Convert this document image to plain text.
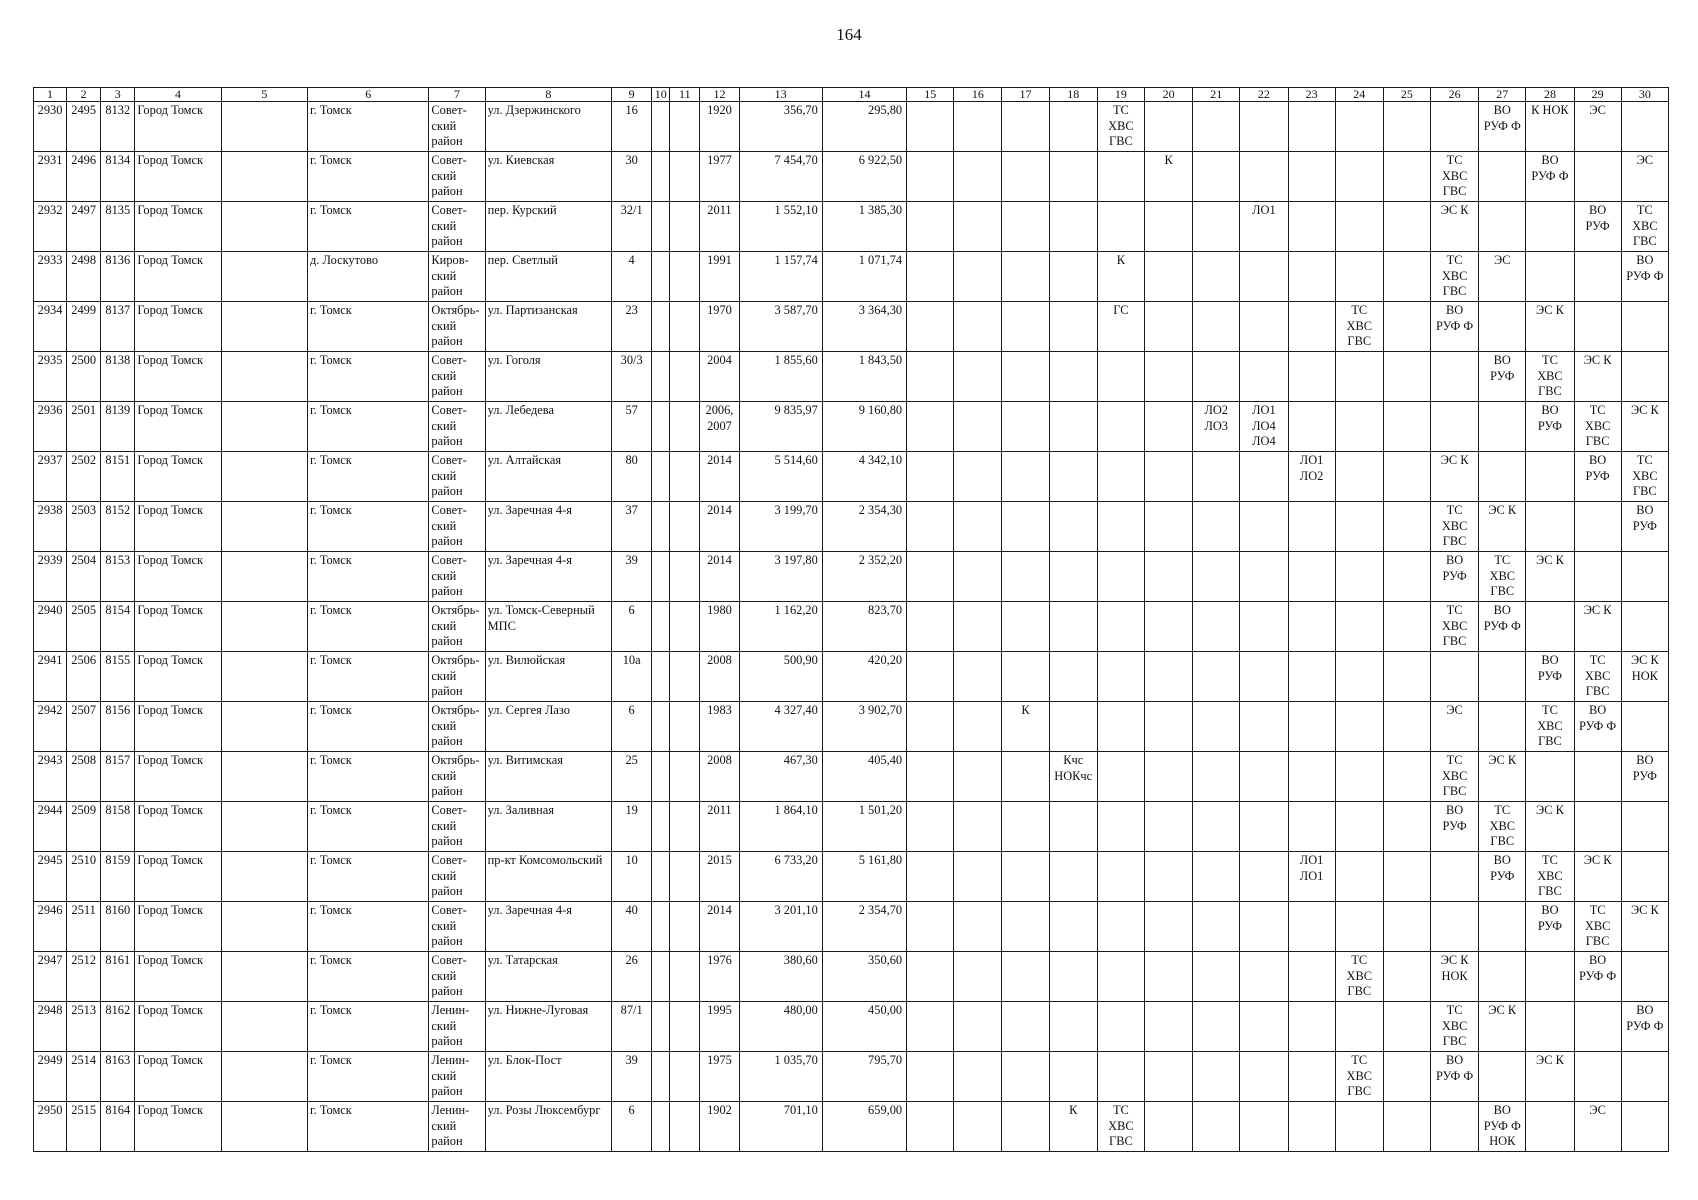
164
1	2	3	4	5	6	7	8	9	10	11	12	13	14	15	16	17	18	19	20	21	22	23	24	25	26	27	28	29	30
2930	2495	8132	Город Томск		г. Томск	Совет-
ский
район	ул. Дзержинского	16			1920	356,70	295,80					ТС
ХВС
ГВС								ВО
РУФ Ф	К НОК	ЭС	
2931	2496	8134	Город Томск		г. Томск	Совет-
ский
район	ул. Киевская	30			1977	7 454,70	6 922,50						К						ТС
ХВС
ГВС		ВО
РУФ Ф		ЭС
2932	2497	8135	Город Томск		г. Томск	Совет-
ский
район	пер. Курский	32/1			2011	1 552,10	1 385,30								ЛО1				ЭС К			ВО
РУФ	ТС
ХВС
ГВС
2933	2498	8136	Город Томск		д. Лоскутово	Киров-
ский
район	пер. Светлый	4			1991	1 157,74	1 071,74					К							ТС
ХВС
ГВС	ЭС			ВО
РУФ Ф
2934	2499	8137	Город Томск		г. Томск	Октябрь-
ский
район	ул. Партизанская	23			1970	3 587,70	3 364,30					ГС					ТС
ХВС
ГВС		ВО
РУФ Ф		ЭС К		
2935	2500	8138	Город Томск		г. Томск	Совет-
ский
район	ул. Гоголя	30/3			2004	1 855,60	1 843,50													ВО
РУФ	ТС
ХВС
ГВС	ЭС К	
2936	2501	8139	Город Томск		г. Томск	Совет-
ский
район	ул. Лебедева	57			2006,
2007	9 835,97	9 160,80							ЛО2
ЛО3	ЛО1
ЛО4
ЛО4						ВО
РУФ	ТС
ХВС
ГВС	ЭС К
2937	2502	8151	Город Томск		г. Томск	Совет-
ский
район	ул. Алтайская	80			2014	5 514,60	4 342,10									ЛО1
ЛО2			ЭС К			ВО
РУФ	ТС
ХВС
ГВС
2938	2503	8152	Город Томск		г. Томск	Совет-
ский
район	ул. Заречная 4-я	37			2014	3 199,70	2 354,30												ТС
ХВС
ГВС	ЭС К			ВО
РУФ
2939	2504	8153	Город Томск		г. Томск	Совет-
ский
район	ул. Заречная 4-я	39			2014	3 197,80	2 352,20												ВО
РУФ	ТС
ХВС
ГВС	ЭС К		
2940	2505	8154	Город Томск		г. Томск	Октябрь-
ский
район	ул. Томск-Северный
МПС	6			1980	1 162,20	823,70												ТС
ХВС
ГВС	ВО
РУФ Ф		ЭС К	
2941	2506	8155	Город Томск		г. Томск	Октябрь-
ский
район	ул. Вилюйская	10а			2008	500,90	420,20														ВО
РУФ	ТС
ХВС
ГВС	ЭС К
НОК
2942	2507	8156	Город Томск		г. Томск	Октябрь-
ский
район	ул. Сергея Лазо	6			1983	4 327,40	3 902,70			К									ЭС		ТС
ХВС
ГВС	ВО
РУФ Ф	
2943	2508	8157	Город Томск		г. Томск	Октябрь-
ский
район	ул. Витимская	25			2008	467,30	405,40				Кчс
НОКчс								ТС
ХВС
ГВС	ЭС К			ВО
РУФ
2944	2509	8158	Город Томск		г. Томск	Совет-
ский
район	ул. Заливная	19			2011	1 864,10	1 501,20												ВО
РУФ	ТС
ХВС
ГВС	ЭС К		
2945	2510	8159	Город Томск		г. Томск	Совет-
ский
район	пр-кт Комсомольский	10			2015	6 733,20	5 161,80									ЛО1
ЛО1				ВО
РУФ	ТС
ХВС
ГВС	ЭС К	
2946	2511	8160	Город Томск		г. Томск	Совет-
ский
район	ул. Заречная 4-я	40			2014	3 201,10	2 354,70														ВО
РУФ	ТС
ХВС
ГВС	ЭС К
2947	2512	8161	Город Томск		г. Томск	Совет-
ский
район	ул. Татарская	26			1976	380,60	350,60										ТС
ХВС
ГВС		ЭС К
НОК			ВО
РУФ Ф	
2948	2513	8162	Город Томск		г. Томск	Ленин-
ский
район	ул. Нижне-Луговая	87/1			1995	480,00	450,00												ТС
ХВС
ГВС	ЭС К			ВО
РУФ Ф
2949	2514	8163	Город Томск		г. Томск	Ленин-
ский
район	ул. Блок-Пост	39			1975	1 035,70	795,70										ТС
ХВС
ГВС		ВО
РУФ Ф		ЭС К		
2950	2515	8164	Город Томск		г. Томск	Ленин-
ский
район	ул. Розы Люксембург	6			1902	701,10	659,00				К	ТС
ХВС
ГВС								ВО
РУФ Ф
НОК		ЭС	
